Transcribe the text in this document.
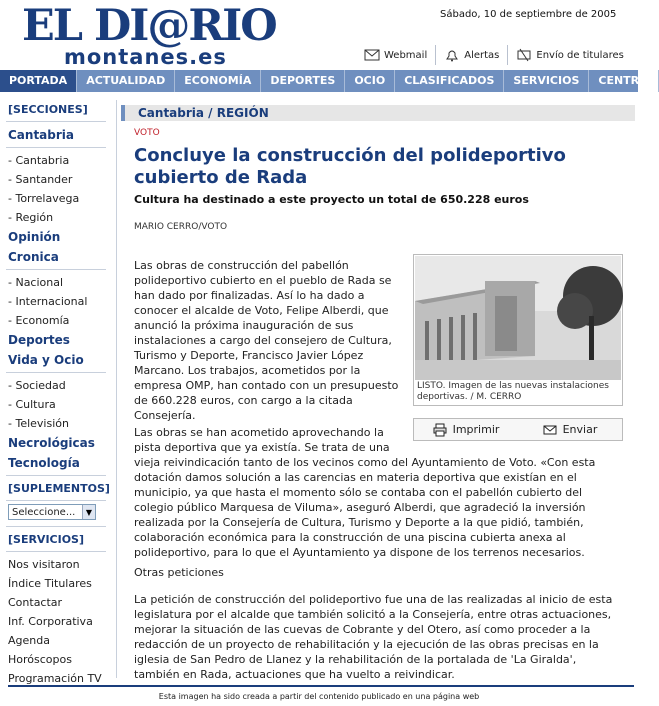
EL DI@RIO
montanes.es
Sábado, 10 de septiembre de 2005
Webmail	Alertas	Envío de titulares
PORTADA	ACTUALIDAD	ECONOMÍA	DEPORTES	OCIO	CLASIFICADOS	SERVICIOS	CENTRO
[SECCIONES]
Cantabria
- Cantabria
- Santander
- Torrelavega
- Región
Opinión
Cronica
- Nacional
- Internacional
- Economía
Deportes
Vida y Ocio
- Sociedad
- Cultura
- Televisión
Necrológicas
Tecnología
[SUPLEMENTOS]
Seleccione...	▼
[SERVICIOS]
Nos visitaron
Índice Titulares
Contactar
Inf. Corporativa
Agenda
Horóscopos
Programación TV
Cantabria / REGIÓN
VOTO
Concluye la construcción del polideportivo cubierto de Rada
Cultura ha destinado a este proyecto un total de 650.228 euros
MARIO CERRO/VOTO
Las obras de construcción del pabellón polideportivo cubierto en el pueblo de Rada se han dado por finalizadas. Así lo ha dado a conocer el alcalde de Voto, Felipe Alberdi, que anunció la próxima inauguración de sus instalaciones a cargo del consejero de Cultura, Turismo y Deporte, Francisco Javier López Marcano. Los trabajos, acometidos por la empresa OMP, han contado con un presupuesto de 660.228 euros, con cargo a la citada Consejería.
LISTO. Imagen de las nuevas instalaciones deportivas. / M. CERRO
Imprimir	Enviar
Las obras se han acometido aprovechando la pista deportiva que ya existía. Se trata de una
vieja reivindicación tanto de los vecinos como del Ayuntamiento de Voto. «Con esta dotación damos solución a las carencias en materia deportiva que existían en el municipio, ya que hasta el momento sólo se contaba con el pabellón cubierto del colegio público Marquesa de Viluma», aseguró Alberdi, que agradeció la inversión realizada por la Consejería de Cultura, Turismo y Deporte a la que pidió, también, colaboración económica para la construcción de una piscina cubierta anexa al polideportivo, para lo que el Ayuntamiento ya dispone de los terrenos necesarios.
Otras peticiones
La petición de construcción del polideportivo fue una de las realizadas al inicio de esta legislatura por el alcalde que también solicitó a la Consejería, entre otras actuaciones, mejorar la situación de las cuevas de Cobrante y del Otero, así como proceder a la redacción de un proyecto de rehabilitación y la ejecución de las obras precisas en la iglesia de San Pedro de Llanez y la rehabilitación de la portalada de 'La Giralda', también en Rada, actuaciones que ha vuelto a reivindicar.
Esta imagen ha sido creada a partir del contenido publicado en una página web
